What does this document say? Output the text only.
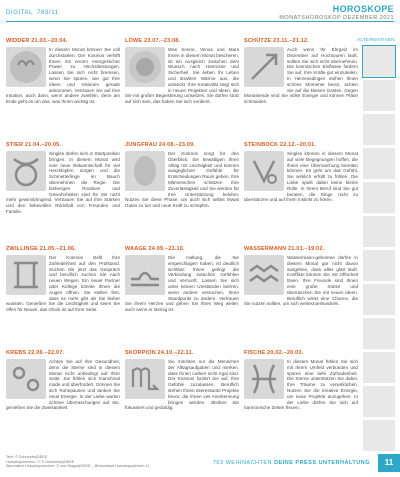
DIGITAL 763/11	HOROSKOPE
MONATSHOROSKOP DEZEMBER 2021
WIDDER 21.03.–20.04.
In diesem Monat können Sie voll durchstarten. Der Kosmos verhilft Ihnen mit enorm energetischer Power zu Höchstleistungen. Lassen Sie sich nicht bremsen, wenn Sie spüren, wie gut Ihre Ideen und Visionen gerade ankommen. Vertrauen Sie auf Ihre Intuition, auch dann, wenn andere zweifeln, denn am Ende geht es um das, was Ihnen wichtig ist.
LÖWE 23.07.–23.08.
Was Sonne, Venus und Mars Ihnen in diesem Monat bescheren, ist ein Ausgleich zwischen dem Wunsch nach Harmonie und Sicherheit. Sie lieben Ihr Leben und strahlen Wärme aus, die ansteckt. Ihre Kreativität zeigt sich in neuen Projekten und Ideen, die Sie mit großer Begeisterung umsetzen. Sie dürfen stolz auf sich sein, das haben Sie sich verdient.
SCHÜTZE 23.11.–21.12.
Auch wenn Ihr Ehrgeiz im Dezember auf Hochtouren läuft, sollten Sie sich nicht übernehmen. Die kosmischen Einflüsse fordern Sie auf, Ihre Kräfte gut einzuteilen. In Herzensdingen stehen Ihnen schöne Momente bevor, achten Sie auf die kleinen Gesten. Gegen Monatsende sind Sie voller Energie und können Pläne schmieden.
STIER 21.04.–20.05.
Singles dürfen sich in Startposition bringen. In diesem Monat wird eine neue Bekanntschaft für viel Herzklopfen sorgen und die Schmetterlinge im Bauch übernehmen die Regie. Die bisherigen Routinen und Gewohnheiten sind für Sie nicht mehr gewinnbringend. Vertrauen Sie auf Ihre Stärken und den liebevollen Rückhalt von Freunden und Familie.
JUNGFRAU 24.08.–23.09.
Der Kosmos sorgt für den Überblick: Sie bewältigen Ihren Alltag mit Leichtigkeit und können ausgeglichen Gefühle für Entscheidungen Raum geben. Ihre Mitmenschen schätzen Ihre Zuverlässigkeit und Sie werden für Ihre Unterstützung belohnt. Nutzen Sie diese Phase, um auch sich selbst etwas Gutes zu tun und neue Kraft zu schöpfen.
STEINBOCK 22.12.–20.01.
Singles können in diesem Monat auf viele Begegnungen hoffen, die ihnen eine Überraschung bereiten können. Es geht um das Gefühl, Sie wirklich erfüllt zu fühlen. Die Liebe spielt dabei keine kleine Rolle. In Ihrem Beruf sind Sie gut beraten, die Dinge nicht zu überstürzen und auf Ihren Instinkt zu hören.
ZWILLINGE 21.05.–21.06.
Der Kosmos stellt Ihre Zufriedenheit auf den Prüfstand. Suchen Sie jetzt das Gespräch und beruflich suchen Sie nach neuen Wegen. Ein neuer Partner oder Kollege könnte Ihnen die Augen öffnen. Sie stellen fest, dass es mehr gibt als Sie bisher wussten. Genießen Sie die Leichtigkeit und seien Sie offen für Neues, das Glück ist auf Ihrer Seite.
WAAGE 24.09.–23.10.
Die Haltung, die Sie eingeschlagen haben, ist deutlich sichtbar: Ihnen gelingt die Verbindung zwischen Gefühlen und Vernunft. Lassen Sie sich unter keinen Umständen beirren, wenn andere versuchen, Ihren Standpunkt zu ändern. Vertrauen Sie Ihrem Herzen und gehen Sie Ihren Weg weiter, auch wenn er steinig ist.
WASSERMANN 21.01.–19.02.
Wassermann-geborene dürfen in diesem Monat gar nicht davon ausgehen, dass alles glatt läuft. Konflikte können Sie mit Offenheit lösen. Ihre Freunde sind Ihnen eine große Stütze und überraschen Sie mit neuen Ideen. Beruflich winkt eine Chance, die Sie nutzen sollten, um sich weiterzuentwickeln.
KREBS 22.06.–22.07.
Achten Sie auf Ihre Gesundheit, denn die Sterne sind in diesem Monat nicht unbedingt auf Ihrer Seite. Sie fühlen sich manchmal müde und überfordert. Gönnen Sie sich Ruhepausen und tanken Sie neue Energie. In der Liebe warten schöne Überraschungen auf Sie, genießen Sie die Zweisamkeit.
SKORPION 24.10.–22.11.
Sie möchten nur die Menschen der Alltagsaufgaben und merken, dass Ihnen Lieben nicht egal sind. Der Kosmos fordert Sie auf, Ihre Gefühle zuzulassen. Beruflich stehen Ihnen interessante Projekte bevor, die Ihnen viel Anerkennung bringen werden. Bleiben Sie fokussiert und geduldig.
FISCHE 20.02.–20.03.
In diesem Monat fühlen Sie sich mit Ihrem Umfeld verbunden und spüren eine tiefe Zufriedenheit. Die Sterne unterstützen Sie dabei, Ihre Träume zu verwirklichen. Nutzen Sie die kreative Energie, um neue Projekte anzugehen. In der Liebe dürfen Sie sich auf harmonische Zeiten freuen.
ALTERNATIVEN
Text: © Schneider|DEKE
Horoskopzeichen: © © Hornbeam|DEKE
Alternative Horoskopzeichen: © von Diagas|DEKE – Bücherkauf Horoskopzeichen 11
763 WEIHNACHTEN DEINE PRESS UNTERHALTUNG	11
